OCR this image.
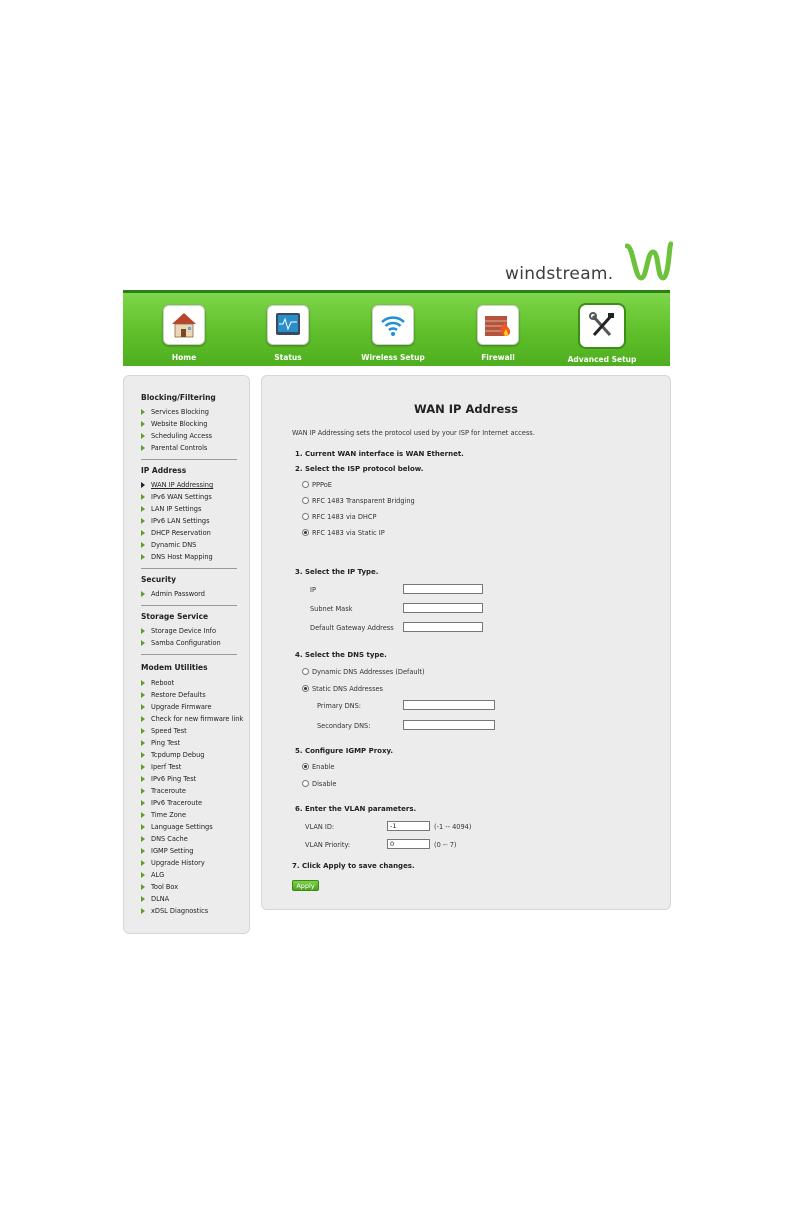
windstream.
Home	Status	Wireless Setup	Firewall	Advanced Setup
Blocking/Filtering
Services Blocking
Website Blocking
Scheduling Access
Parental Controls
IP Address
WAN IP Addressing
IPv6 WAN Settings
LAN IP Settings
IPv6 LAN Settings
DHCP Reservation
Dynamic DNS
DNS Host Mapping
Security
Admin Password
Storage Service
Storage Device Info
Samba Configuration
Modem Utilities
Reboot
Restore Defaults
Upgrade Firmware
Check for new firmware link
Speed Test
Ping Test
Tcpdump Debug
Iperf Test
IPv6 Ping Test
Traceroute
IPv6 Traceroute
Time Zone
Language Settings
DNS Cache
IGMP Setting
Upgrade History
ALG
Tool Box
DLNA
xDSL Diagnostics
WAN IP Address
WAN IP Addressing sets the protocol used by your ISP for Internet access.
1. Current WAN interface is WAN Ethernet.
2. Select the ISP protocol below.
PPPoE
RFC 1483 Transparent Bridging
RFC 1483 via DHCP
RFC 1483 via Static IP
3. Select the IP Type.
IP
Subnet Mask
Default Gateway Address
4. Select the DNS type.
Dynamic DNS Addresses (Default)
Static DNS Addresses
Primary DNS:
Secondary DNS:
5. Configure IGMP Proxy.
Enable
Disable
6. Enter the VLAN parameters.
VLAN ID:
-1	(-1 -- 4094)
VLAN Priority:
0	(0 -- 7)
7. Click Apply to save changes.
Apply
